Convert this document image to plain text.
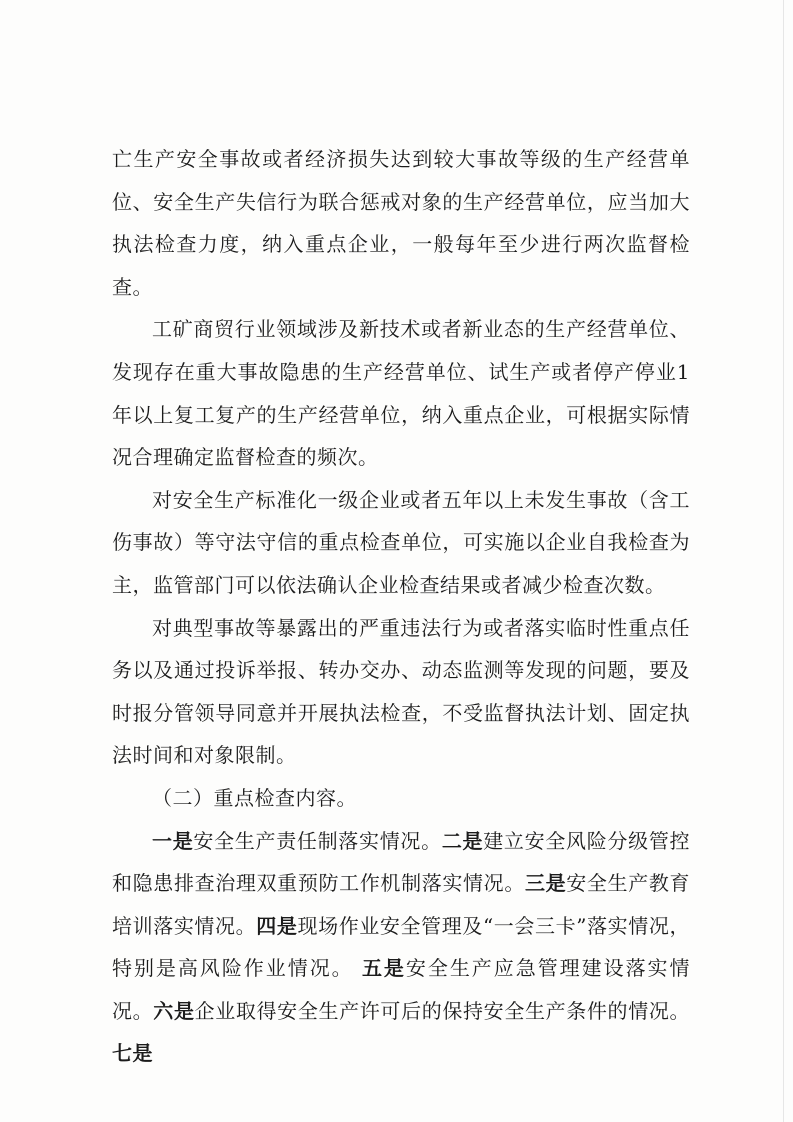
亡生产安全事故或者经济损失达到较大事故等级的生产经营单位、安全生产失信行为联合惩戒对象的生产经营单位，应当加大执法检查力度，纳入重点企业，一般每年至少进行两次监督检查。

工矿商贸行业领域涉及新技术或者新业态的生产经营单位、发现存在重大事故隐患的生产经营单位、试生产或者停产停业1年以上复工复产的生产经营单位，纳入重点企业，可根据实际情况合理确定监督检查的频次。

对安全生产标准化一级企业或者五年以上未发生事故（含工伤事故）等守法守信的重点检查单位，可实施以企业自我检查为主，监管部门可以依法确认企业检查结果或者减少检查次数。

对典型事故等暴露出的严重违法行为或者落实临时性重点任务以及通过投诉举报、转办交办、动态监测等发现的问题，要及时报分管领导同意并开展执法检查，不受监督执法计划、固定执法时间和对象限制。

（二）重点检查内容。

一是安全生产责任制落实情况。二是建立安全风险分级管控和隐患排查治理双重预防工作机制落实情况。三是安全生产教育培训落实情况。四是现场作业安全管理及“一会三卡”落实情况，特别是高风险作业情况。 五是安全生产应急管理建设落实情况。六是企业取得安全生产许可后的保持安全生产条件的情况。七是
